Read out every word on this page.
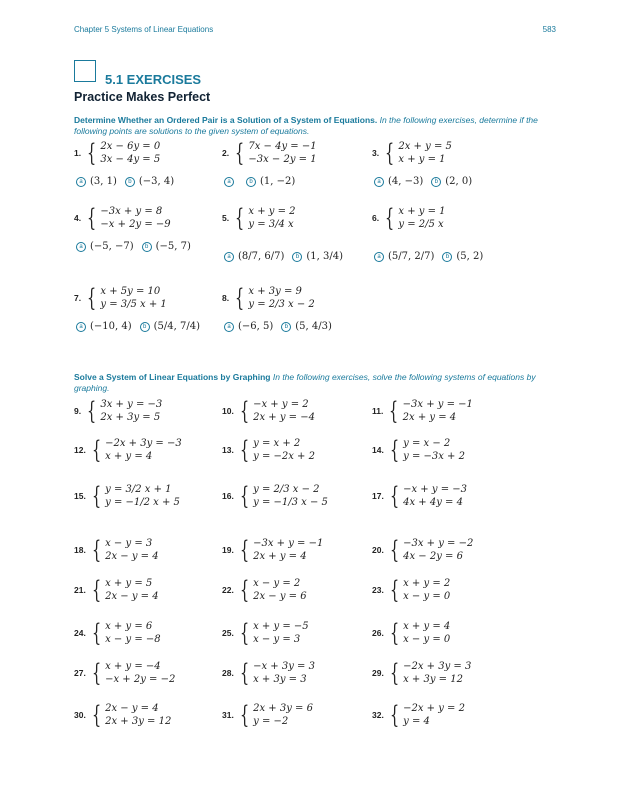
Chapter 5 Systems of Linear Equations	583
5.1 EXERCISES
Practice Makes Perfect
Determine Whether an Ordered Pair is a Solution of a System of Equations. In the following exercises, determine if the following points are solutions to the given system of equations.
1. { 2x − 6y = 0
3x − 4y = 5
a (3, 1)	b (−3, 4)
2. { 7x − 4y = −1
−3x − 2y = 1
a	b (1, −2)
3. { 2x + y = 5
x + y = 1
a (4, −3)	b (2, 0)
4. { −3x + y = 8
−x + 2y = −9
a (−5, −7)	b (−5, 7)
5. { x + y = 2
y = 3/4 x
a (8/7, 6/7)	b (1, 3/4)
6. { x + y = 1
y = 2/5 x
a (5/7, 2/7)	b (5, 2)
7. { x + 5y = 10
y = 3/5 x + 1
a (−10, 4)	b (5/4, 7/4)
8. { x + 3y = 9
y = 2/3 x − 2
a (−6, 5)	b (5, 4/3)
Solve a System of Linear Equations by Graphing In the following exercises, solve the following systems of equations by graphing.
9. { 3x + y = −3
2x + 3y = 5
10. { −x + y = 2
2x + y = −4
11. { −3x + y = −1
2x + y = 4
12. { −2x + 3y = −3
x + y = 4
13. { y = x + 2
y = −2x + 2
14. { y = x − 2
y = −3x + 2
15. { y = 3/2 x + 1
y = −1/2 x + 5
16. { y = 2/3 x − 2
y = −1/3 x − 5
17. { −x + y = −3
4x + 4y = 4
18. { x − y = 3
2x − y = 4
19. { −3x + y = −1
2x + y = 4
20. { −3x + y = −2
4x − 2y = 6
21. { x + y = 5
2x − y = 4
22. { x − y = 2
2x − y = 6
23. { x + y = 2
x − y = 0
24. { x + y = 6
x − y = −8
25. { x + y = −5
x − y = 3
26. { x + y = 4
x − y = 0
27. { x + y = −4
−x + 2y = −2
28. { −x + 3y = 3
x + 3y = 3
29. { −2x + 3y = 3
x + 3y = 12
30. { 2x − y = 4
2x + 3y = 12
31. { 2x + 3y = 6
y = −2
32. { −2x + y = 2
y = 4
